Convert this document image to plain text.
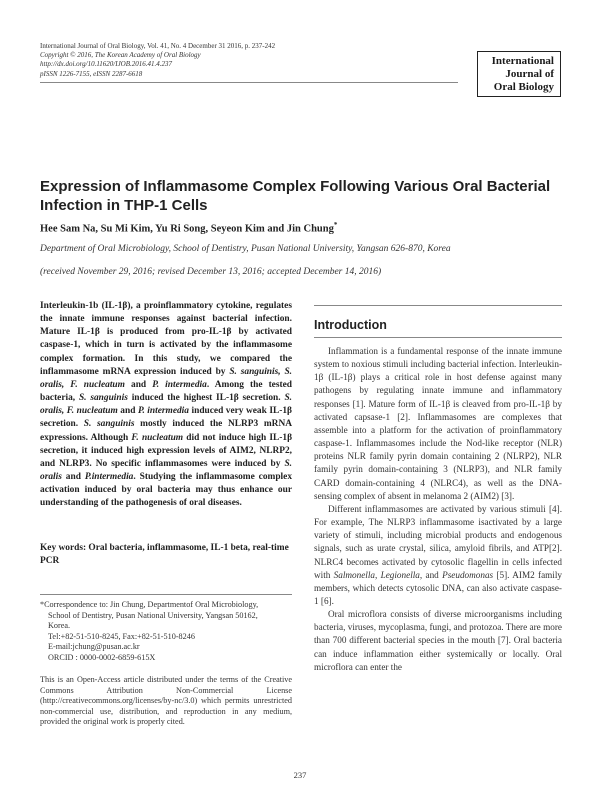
International Journal of Oral Biology, Vol. 41, No. 4 December 31 2016, p. 237-242
Copyright © 2016, The Korean Academy of Oral Biology
http://dx.doi.org/10.11620/IJOB.2016.41.4.237
pISSN 1226-7155, eISSN 2287-6618
International
Journal of
Oral Biology
Expression of Inflammasome Complex Following Various Oral Bacterial Infection in THP-1 Cells
Hee Sam Na, Su Mi Kim, Yu Ri Song, Seyeon Kim and Jin Chung*
Department of Oral Microbiology, School of Dentistry, Pusan National University, Yangsan 626-870, Korea
(received November 29, 2016; revised December 13, 2016; accepted December 14, 2016)
Interleukin-1b (IL-1β), a proinflammatory cytokine, regulates the innate immune responses against bacterial infection. Mature IL-1β is produced from pro-IL-1β by activated caspase-1, which in turn is activated by the inflammasome complex formation. In this study, we compared the inflammasome mRNA expression induced by S. sanguinis, S. oralis, F. nucleatum and P. intermedia. Among the tested bacteria, S. sanguinis induced the highest IL-1β secretion. S. oralis, F. nucleatum and P. intermedia induced very weak IL-1β secretion. S. sanguinis mostly induced the NLRP3 mRNA expressions. Although F. nucleatum did not induce high IL-1β secretion, it induced high expression levels of AIM2, NLRP2, and NLRP3. No specific inflammasomes were induced by S. oralis and P.intermedia. Studying the inflammasome complex activation induced by oral bacteria may thus enhance our understanding of the pathogenesis of oral diseases.
Key words: Oral bacteria, inflammasome, IL-1 beta, real-time PCR
*Correspondence to: Jin Chung, Departmentof Oral Microbiology,
School of Dentistry, Pusan National University, Yangsan 50162,
Korea.
Tel:+82-51-510-8245, Fax:+82-51-510-8246
E-mail:jchung@pusan.ac.kr
ORCID : 0000-0002-6859-615X
This is an Open-Access article distributed under the terms of the Creative Commons Attribution Non-Commercial License (http://creativecommons.org/licenses/by-nc/3.0) which permits unrestricted non-commercial use, distribution, and reproduction in any medium, provided the original work is properly cited.
Introduction

Inflammation is a fundamental response of the innate immune system to noxious stimuli including bacterial infection. Interleukin-1β (IL-1β) plays a critical role in host defense against many pathogens by regulating innate immune and inflammatory responses [1]. Mature form of IL-1β is cleaved from pro-IL-1β by activated capsase-1 [2]. Inflammasomes are complexes that assemble into a platform for the activation of proinflammatory caspase-1. Inflammasomes include the Nod-like receptor (NLR) proteins NLR family pyrin domain containing 2 (NLRP2), NLR family pyrin domain-containing 3 (NLRP3), and NLR family CARD domain-containing 4 (NLRC4), as well as the DNA-sensing complex of absent in melanoma 2 (AIM2) [3].

Different inflammasomes are activated by various stimuli [4]. For example, The NLRP3 inflammasome isactivated by a large variety of stimuli, including microbial products and endogenous signals, such as urate crystal, silica, amyloid fibrils, and ATP[2]. NLRC4 becomes activated by cytosolic flagellin in cells infected with Salmonella, Legionella, and Pseudomonas [5]. AIM2 family members, which detects cytosolic DNA, can also activate caspase-1 [6].

Oral microflora consists of diverse microorganisms including bacteria, viruses, mycoplasma, fungi, and protozoa. There are more than 700 different bacterial species in the mouth [7]. Oral bacteria can induce inflammation either systemically or locally. Oral microflora can enter the

237
